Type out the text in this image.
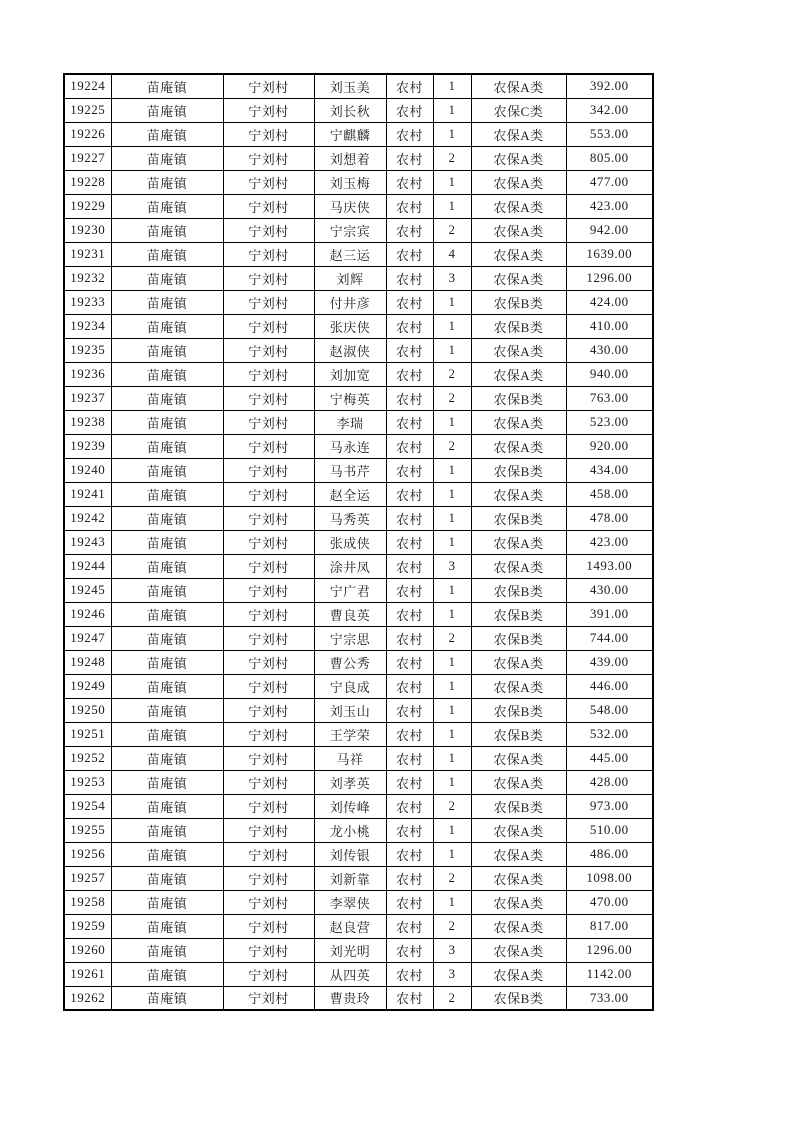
19224	苗庵镇	宁刘村	刘玉美	农村	1	农保A类	392.00
19225	苗庵镇	宁刘村	刘长秋	农村	1	农保C类	342.00
19226	苗庵镇	宁刘村	宁麒麟	农村	1	农保A类	553.00
19227	苗庵镇	宁刘村	刘想着	农村	2	农保A类	805.00
19228	苗庵镇	宁刘村	刘玉梅	农村	1	农保A类	477.00
19229	苗庵镇	宁刘村	马庆侠	农村	1	农保A类	423.00
19230	苗庵镇	宁刘村	宁宗宾	农村	2	农保A类	942.00
19231	苗庵镇	宁刘村	赵三运	农村	4	农保A类	1639.00
19232	苗庵镇	宁刘村	刘辉	农村	3	农保A类	1296.00
19233	苗庵镇	宁刘村	付井彦	农村	1	农保B类	424.00
19234	苗庵镇	宁刘村	张庆侠	农村	1	农保B类	410.00
19235	苗庵镇	宁刘村	赵淑侠	农村	1	农保A类	430.00
19236	苗庵镇	宁刘村	刘加宽	农村	2	农保A类	940.00
19237	苗庵镇	宁刘村	宁梅英	农村	2	农保B类	763.00
19238	苗庵镇	宁刘村	李瑞	农村	1	农保A类	523.00
19239	苗庵镇	宁刘村	马永连	农村	2	农保A类	920.00
19240	苗庵镇	宁刘村	马书芹	农村	1	农保B类	434.00
19241	苗庵镇	宁刘村	赵全运	农村	1	农保A类	458.00
19242	苗庵镇	宁刘村	马秀英	农村	1	农保B类	478.00
19243	苗庵镇	宁刘村	张成侠	农村	1	农保A类	423.00
19244	苗庵镇	宁刘村	涂井凤	农村	3	农保A类	1493.00
19245	苗庵镇	宁刘村	宁广君	农村	1	农保B类	430.00
19246	苗庵镇	宁刘村	曹良英	农村	1	农保B类	391.00
19247	苗庵镇	宁刘村	宁宗思	农村	2	农保B类	744.00
19248	苗庵镇	宁刘村	曹公秀	农村	1	农保A类	439.00
19249	苗庵镇	宁刘村	宁良成	农村	1	农保A类	446.00
19250	苗庵镇	宁刘村	刘玉山	农村	1	农保B类	548.00
19251	苗庵镇	宁刘村	王学荣	农村	1	农保B类	532.00
19252	苗庵镇	宁刘村	马祥	农村	1	农保A类	445.00
19253	苗庵镇	宁刘村	刘孝英	农村	1	农保A类	428.00
19254	苗庵镇	宁刘村	刘传峰	农村	2	农保B类	973.00
19255	苗庵镇	宁刘村	龙小桃	农村	1	农保A类	510.00
19256	苗庵镇	宁刘村	刘传银	农村	1	农保A类	486.00
19257	苗庵镇	宁刘村	刘新靠	农村	2	农保A类	1098.00
19258	苗庵镇	宁刘村	李翠侠	农村	1	农保A类	470.00
19259	苗庵镇	宁刘村	赵良营	农村	2	农保A类	817.00
19260	苗庵镇	宁刘村	刘光明	农村	3	农保A类	1296.00
19261	苗庵镇	宁刘村	从四英	农村	3	农保A类	1142.00
19262	苗庵镇	宁刘村	曹贵玲	农村	2	农保B类	733.00
